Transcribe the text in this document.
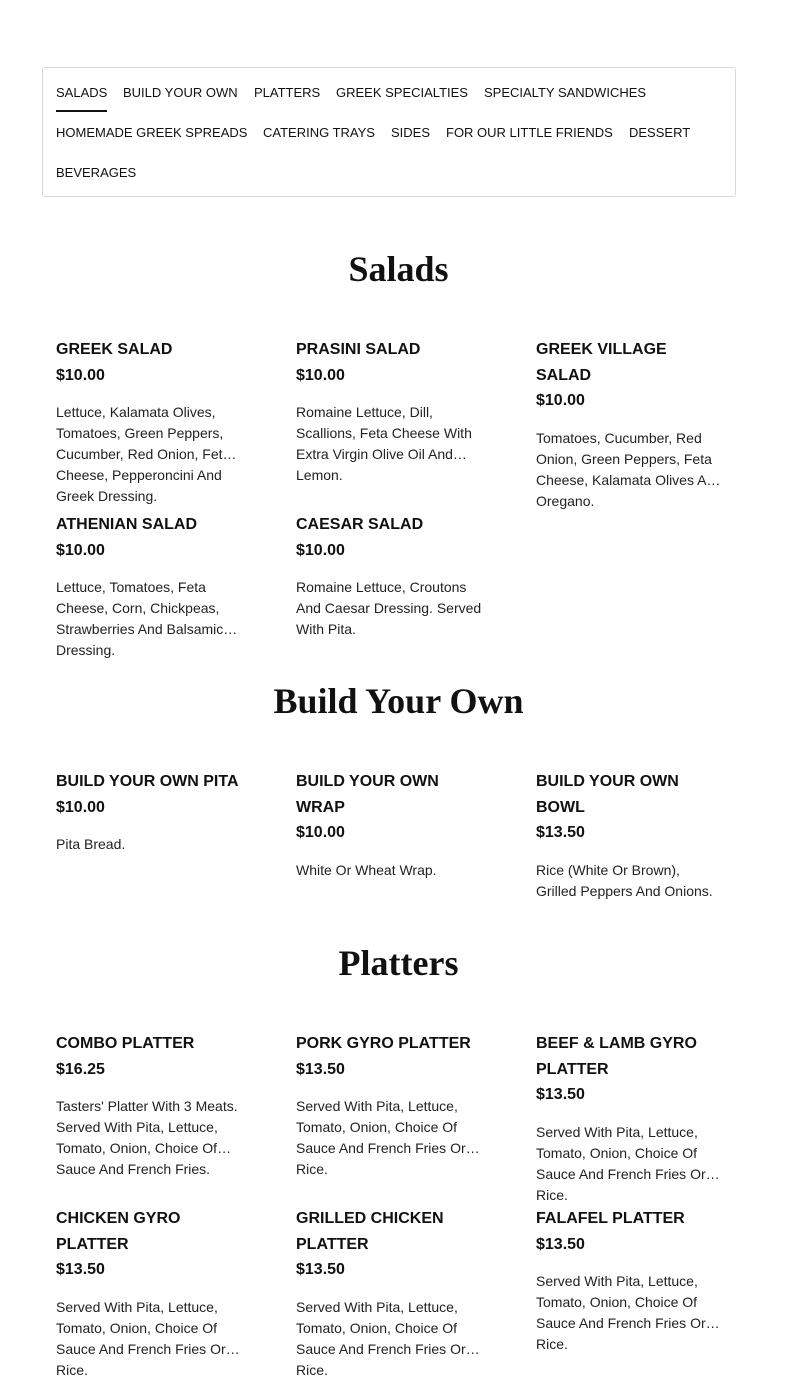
SALADS BUILD YOUR OWN PLATTERS GREEK SPECIALTIES SPECIALTY SANDWICHES
HOMEMADE GREEK SPREADS CATERING TRAYS SIDES FOR OUR LITTLE FRIENDS DESSERT
BEVERAGES
Salads
GREEK SALAD
$10.00
Lettuce, Kalamata Olives, Tomatoes, Green Peppers, Cucumber, Red Onion, Feta Cheese, Pepperoncini And Greek Dressing.
PRASINI SALAD
$10.00
Romaine Lettuce, Dill, Scallions, Feta Cheese With Extra Virgin Olive Oil And Lemon.
GREEK VILLAGE SALAD
$10.00
Tomatoes, Cucumber, Red Onion, Green Peppers, Feta Cheese, Kalamata Olives And Oregano.
ATHENIAN SALAD
$10.00
Lettuce, Tomatoes, Feta Cheese, Corn, Chickpeas, Strawberries And Balsamic Dressing.
CAESAR SALAD
$10.00
Romaine Lettuce, Croutons And Caesar Dressing. Served With Pita.
Build Your Own
BUILD YOUR OWN PITA
$10.00
Pita Bread.
BUILD YOUR OWN WRAP
$10.00
White Or Wheat Wrap.
BUILD YOUR OWN BOWL
$13.50
Rice (White Or Brown), Grilled Peppers And Onions.
Platters
COMBO PLATTER
$16.25
Tasters' Platter With 3 Meats. Served With Pita, Lettuce, Tomato, Onion, Choice Of Sauce And French Fries.
PORK GYRO PLATTER
$13.50
Served With Pita, Lettuce, Tomato, Onion, Choice Of Sauce And French Fries Or Rice.
BEEF & LAMB GYRO PLATTER
$13.50
Served With Pita, Lettuce, Tomato, Onion, Choice Of Sauce And French Fries Or Rice.
CHICKEN GYRO PLATTER
$13.50
Served With Pita, Lettuce, Tomato, Onion, Choice Of Sauce And French Fries Or Rice.
GRILLED CHICKEN PLATTER
$13.50
Served With Pita, Lettuce, Tomato, Onion, Choice Of Sauce And French Fries Or Rice.
FALAFEL PLATTER
$13.50
Served With Pita, Lettuce, Tomato, Onion, Choice Of Sauce And French Fries Or Rice.
